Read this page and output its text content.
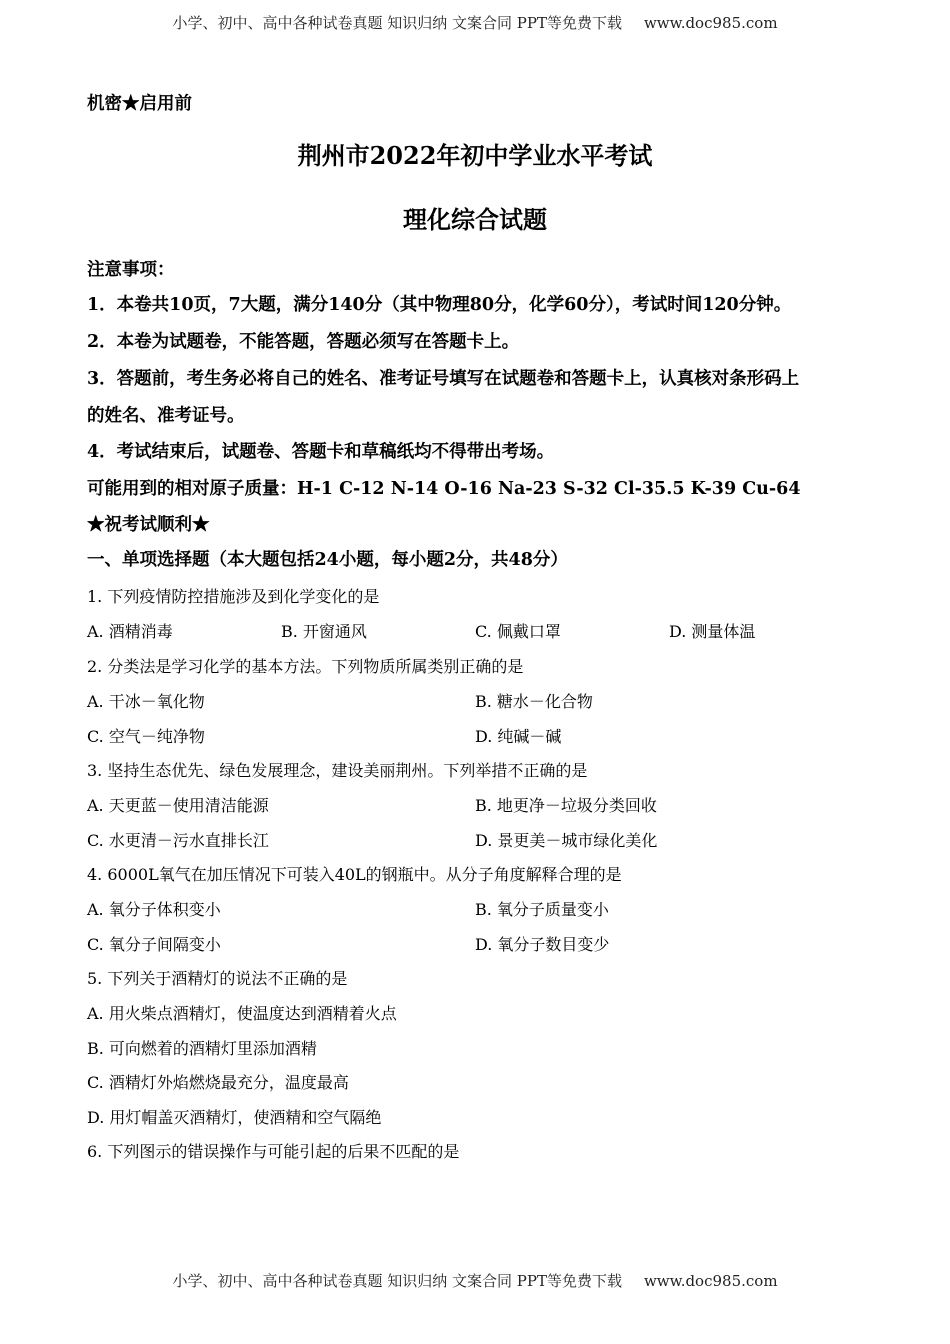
小学、初中、高中各种试卷真题 知识归纳 文案合同 PPT等免费下载 www.doc985.com
机密★启用前
荆州市2022年初中学业水平考试
理化综合试题
注意事项：
1．本卷共10页，7大题，满分140分（其中物理80分，化学60分），考试时间120分钟。
2．本卷为试题卷，不能答题，答题必须写在答题卡上。
3．答题前，考生务必将自己的姓名、准考证号填写在试题卷和答题卡上，认真核对条形码上
的姓名、准考证号。
4．考试结束后，试题卷、答题卡和草稿纸均不得带出考场。
可能用到的相对原子质量：H-1 C-12 N-14 O-16 Na-23 S-32 Cl-35.5 K-39 Cu-64
★祝考试顺利★
一、单项选择题（本大题包括24小题，每小题2分，共48分）
1. 下列疫情防控措施涉及到化学变化的是
A. 酒精消毒	B. 开窗通风	C. 佩戴口罩	D. 测量体温
2. 分类法是学习化学的基本方法。下列物质所属类别正确的是
A. 干冰－氧化物	B. 糖水－化合物
C. 空气－纯净物	D. 纯碱－碱
3. 坚持生态优先、绿色发展理念，建设美丽荆州。下列举措不正确的是
A. 天更蓝－使用清洁能源	B. 地更净－垃圾分类回收
C. 水更清－污水直排长江	D. 景更美－城市绿化美化
4. 6000L氧气在加压情况下可装入40L的钢瓶中。从分子角度解释合理的是
A. 氧分子体积变小	B. 氧分子质量变小
C. 氧分子间隔变小	D. 氧分子数目变少
5. 下列关于酒精灯的说法不正确的是
A. 用火柴点酒精灯，使温度达到酒精着火点
B. 可向燃着的酒精灯里添加酒精
C. 酒精灯外焰燃烧最充分，温度最高
D. 用灯帽盖灭酒精灯，使酒精和空气隔绝
6. 下列图示的错误操作与可能引起的后果不匹配的是
小学、初中、高中各种试卷真题 知识归纳 文案合同 PPT等免费下载 www.doc985.com
